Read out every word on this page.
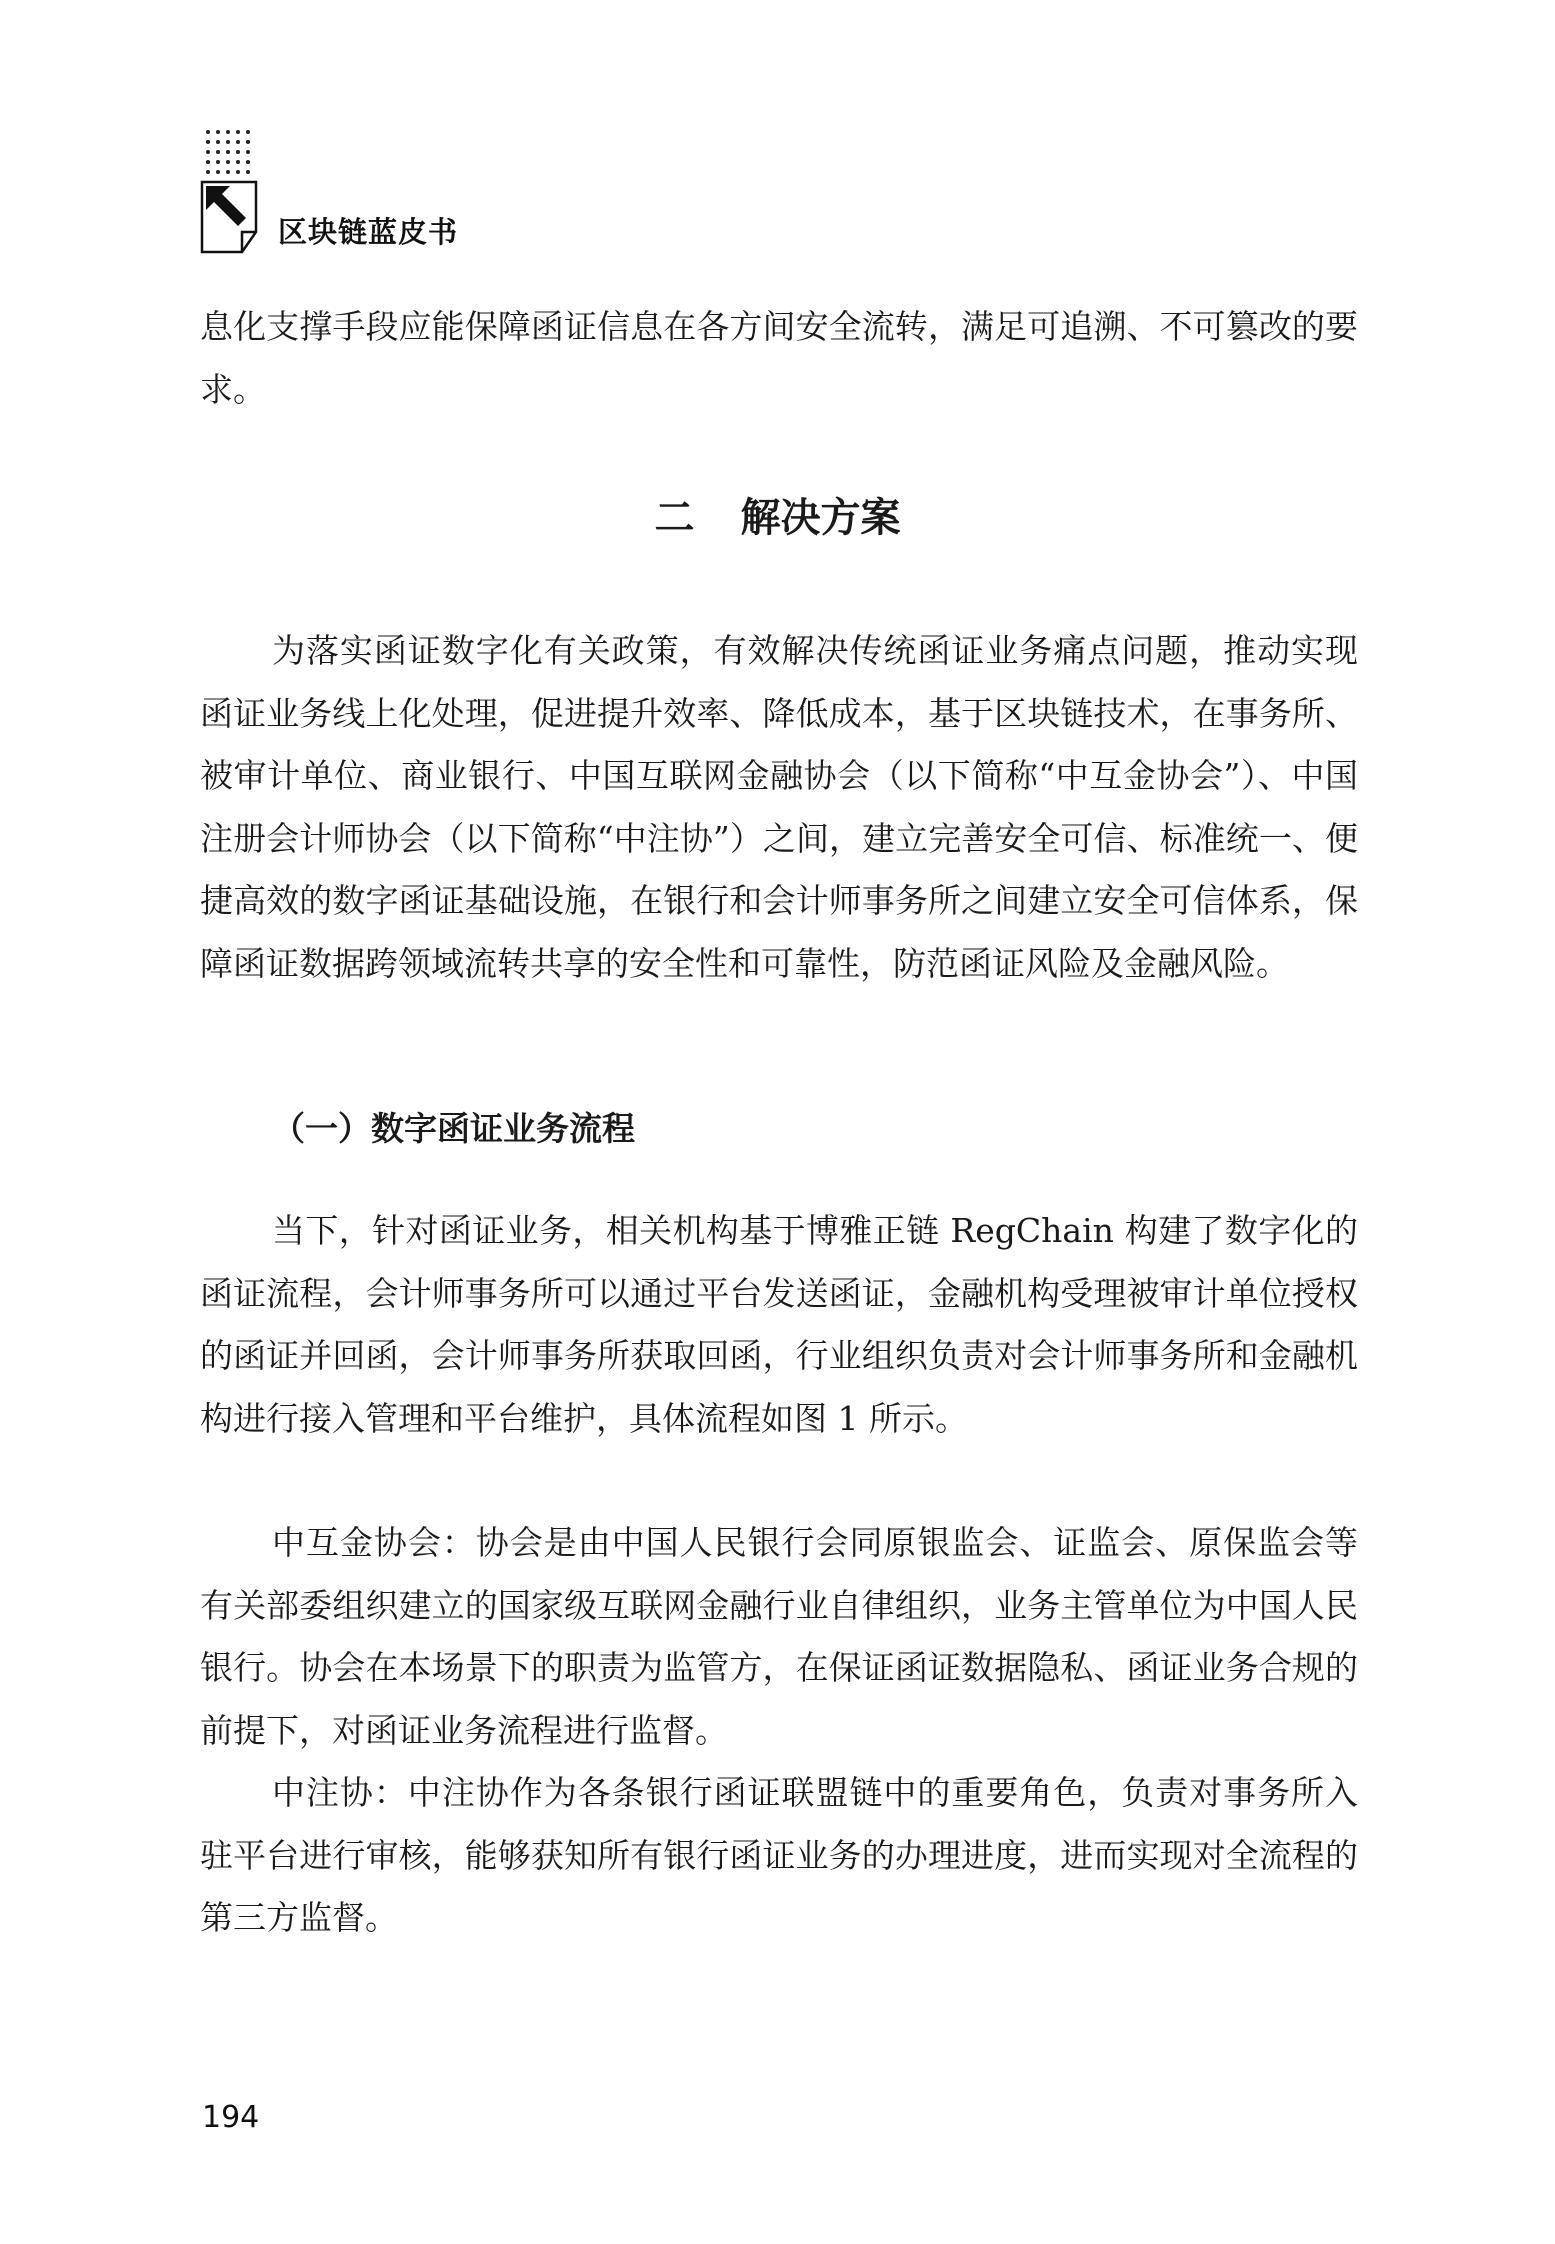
区块链蓝皮书

息化支撑手段应能保障函证信息在各方间安全流转，满足可追溯、不可篡改的要求。

二 解决方案

为落实函证数字化有关政策，有效解决传统函证业务痛点问题，推动实现函证业务线上化处理，促进提升效率、降低成本，基于区块链技术，在事务所、被审计单位、商业银行、中国互联网金融协会（以下简称“中互金协会”）、中国注册会计师协会（以下简称“中注协”）之间，建立完善安全可信、标准统一、便捷高效的数字函证基础设施，在银行和会计师事务所之间建立安全可信体系，保障函证数据跨领域流转共享的安全性和可靠性，防范函证风险及金融风险。

（一）数字函证业务流程

当下，针对函证业务，相关机构基于博雅正链 RegChain 构建了数字化的函证流程，会计师事务所可以通过平台发送函证，金融机构受理被审计单位授权的函证并回函，会计师事务所获取回函，行业组织负责对会计师事务所和金融机构进行接入管理和平台维护，具体流程如图 1 所示。

中互金协会：协会是由中国人民银行会同原银监会、证监会、原保监会等有关部委组织建立的国家级互联网金融行业自律组织，业务主管单位为中国人民银行。协会在本场景下的职责为监管方，在保证函证数据隐私、函证业务合规的前提下，对函证业务流程进行监督。

中注协：中注协作为各条银行函证联盟链中的重要角色，负责对事务所入驻平台进行审核，能够获知所有银行函证业务的办理进度，进而实现对全流程的第三方监督。

194
